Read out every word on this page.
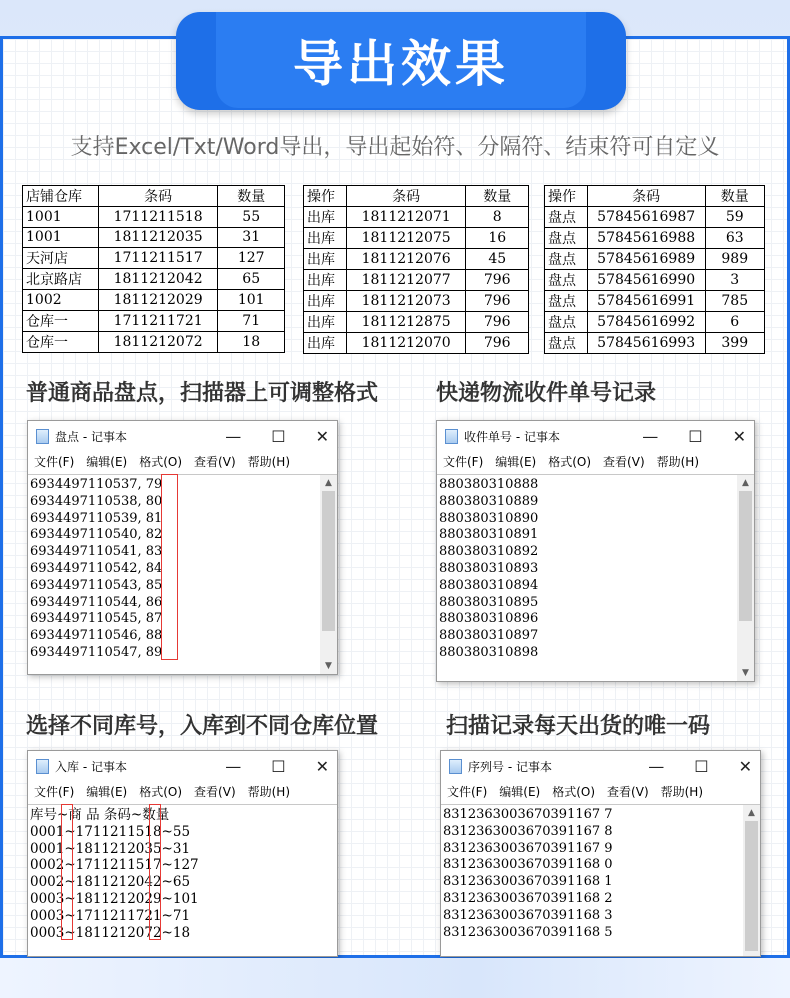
导出效果
支持Excel/Txt/Word导出，导出起始符、分隔符、结束符可自定义
店铺仓库	条码	数量
1001	1711211518	55
1001	1811212035	31
天河店	1711211517	127
北京路店	1811212042	65
1002	1811212029	101
仓库一	1711211721	71
仓库一	1811212072	18
操作	条码	数量
出库	1811212071	8
出库	1811212075	16
出库	1811212076	45
出库	1811212077	796
出库	1811212073	796
出库	1811212875	796
出库	1811212070	796
操作	条码	数量
盘点	57845616987	59
盘点	57845616988	63
盘点	57845616989	989
盘点	57845616990	3
盘点	57845616991	785
盘点	57845616992	6
盘点	57845616993	399
普通商品盘点，扫描器上可调整格式	快递物流收件单号记录
选择不同库号，入库到不同仓库位置	扫描记录每天出货的唯一码
盘点 - 记事本	— ☐ ✕
文件(F) 编辑(E) 格式(O) 查看(V) 帮助(H)
6934497110537, 79
6934497110538, 80
6934497110539, 81
6934497110540, 82
6934497110541, 83
6934497110542, 84
6934497110543, 85
6934497110544, 86
6934497110545, 87
6934497110546, 88
6934497110547, 89
▲
▼
收件单号 - 记事本	— ☐ ✕
文件(F) 编辑(E) 格式(O) 查看(V) 帮助(H)
880380310888
880380310889
880380310890
880380310891
880380310892
880380310893
880380310894
880380310895
880380310896
880380310897
880380310898
▲
▼
入库 - 记事本	— ☐ ✕
文件(F) 编辑(E) 格式(O) 查看(V) 帮助(H)
库号~商 品 条码~数量
0001~1711211518~55
0001~1811212035~31
0002~1711211517~127
0002~1811212042~65
0003~1811212029~101
0003~1711211721~71
0003~1811212072~18
序列号 - 记事本	— ☐ ✕
文件(F) 编辑(E) 格式(O) 查看(V) 帮助(H)
8312363003670391167 7
8312363003670391167 8
8312363003670391167 9
8312363003670391168 0
8312363003670391168 1
8312363003670391168 2
8312363003670391168 3
8312363003670391168 5
▲
